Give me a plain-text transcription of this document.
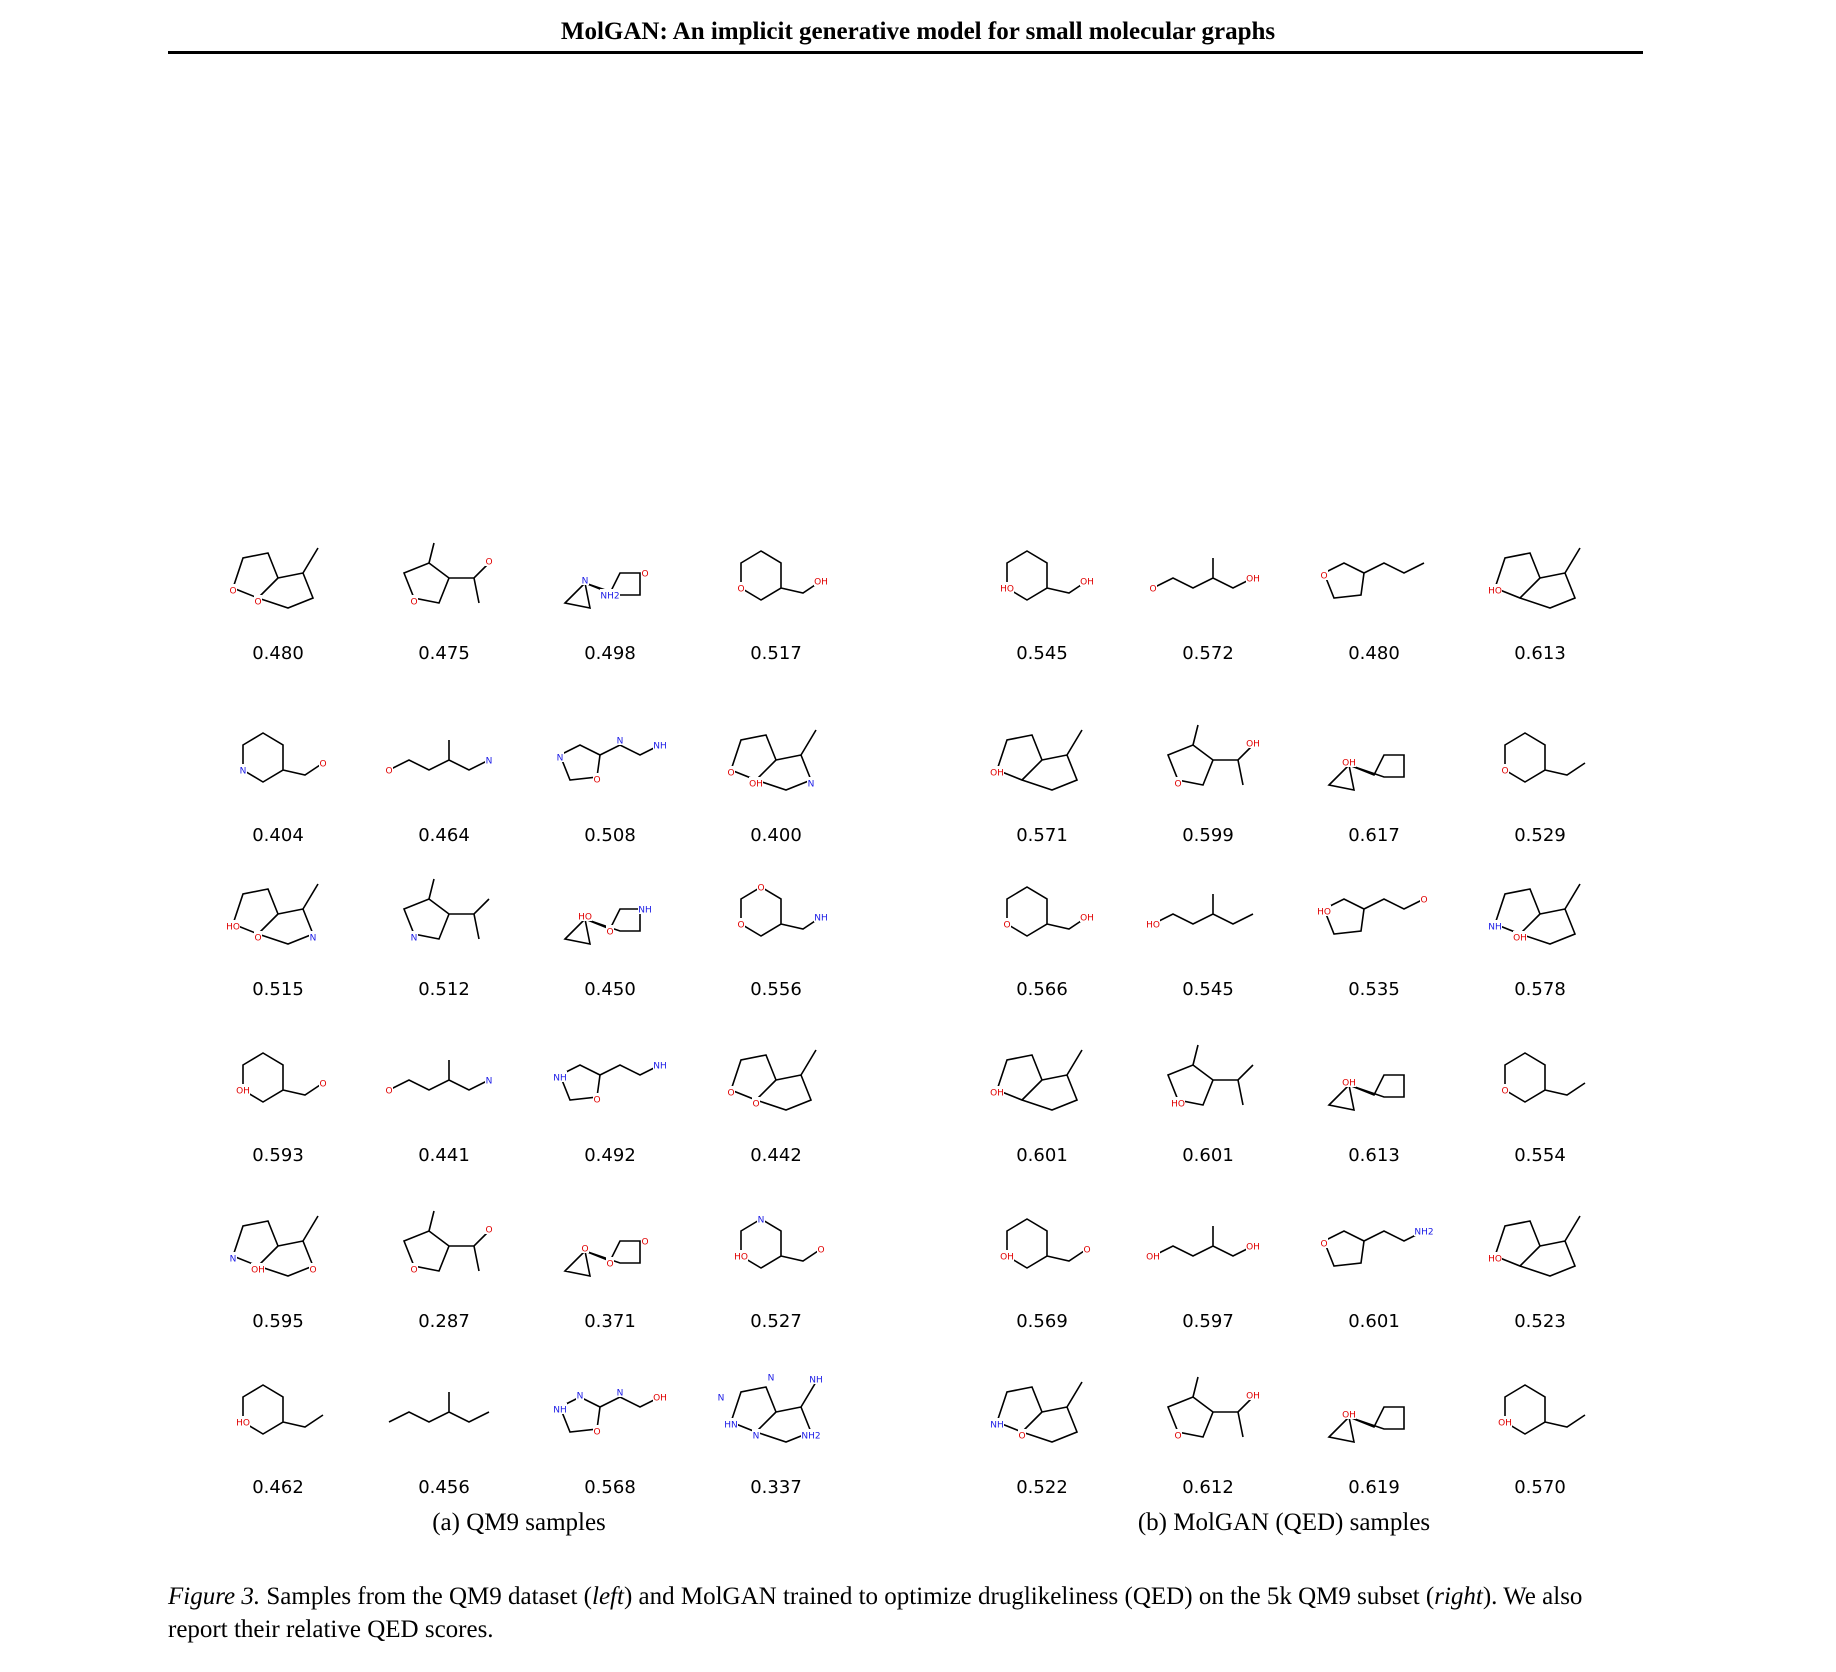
MolGAN: An implicit generative model for small molecular graphs
O
O
0.480
O
O
0.475
N
NH2
O
0.498
O
OH
0.517
N
O
0.404
O
N
0.464
N
NH
O
N
0.508
O
OH	N
0.400
HO
O	N
0.515
N
0.512
HO
O
NH
0.450
O
NH
O
0.556
OH
O
0.593
O
N
0.441
NH
NH
O
0.492
O
O
0.442
N
OH	O
0.595
O
O
0.287
O
O
O
0.371
HO
O
N
0.527
HO
0.462	0.456
NH
OH
O
N
N
0.568
HN
N	NH2
NH
N
N
0.337
HO
OH
0.545
O
OH
0.572
O
0.480
HO
0.613
OH
0.571
O
OH
0.599
OH
0.617
O
0.529
O
OH
0.566
HO
0.545
HO
O
0.535
NH
OH
0.578
OH
0.601
HO
0.601
OH
0.613
O
0.554
OH
O
0.569
OH
OH
0.597
O
NH2
0.601
HO
0.523
NH
O
0.522
O
OH
0.612
OH
0.619
OH
0.570
(a) QM9 samples	(b) MolGAN (QED) samples
Figure 3. Samples from the QM9 dataset (left) and MolGAN trained to optimize druglikeliness (QED) on the 5k QM9 subset (right). We also report their relative QED scores.
